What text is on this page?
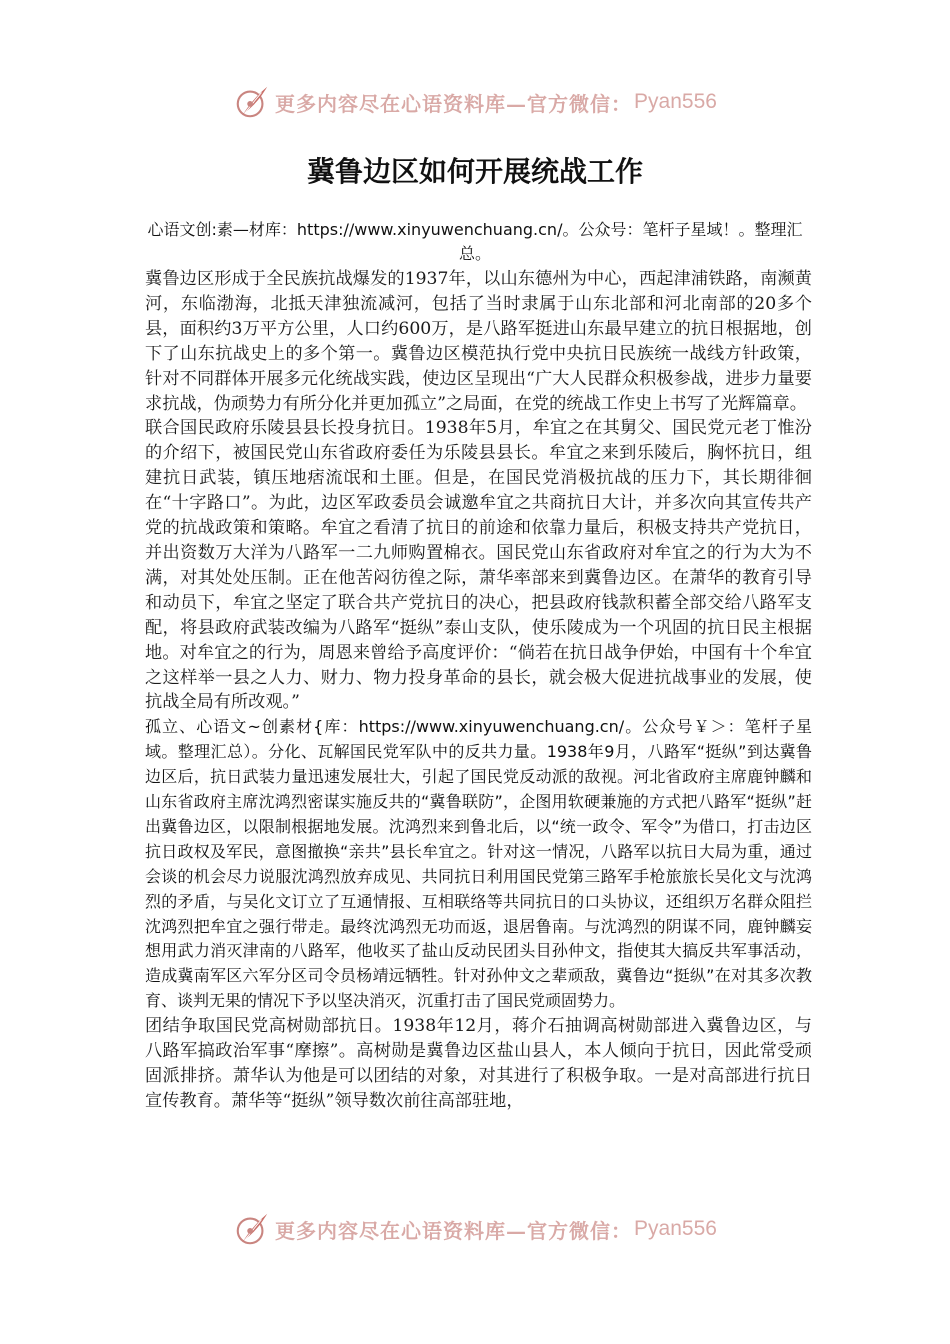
更多内容尽在心语资料库—官方微信： Pyan556
冀鲁边区如何开展统战工作
心语文创:素—材库：https://www.xinyuwenchuang.cn/。公众号：笔杆子星域！。整理汇总。

冀鲁边区形成于全民族抗战爆发的1937年，以山东德州为中心，西起津浦铁路，南濒黄河，东临渤海，北抵天津独流减河，包括了当时隶属于山东北部和河北南部的20多个县，面积约3万平方公里，人口约600万，是八路军挺进山东最早建立的抗日根据地，创下了山东抗战史上的多个第一。冀鲁边区模范执行党中央抗日民族统一战线方针政策，针对不同群体开展多元化统战实践，使边区呈现出“广大人民群众积极参战，进步力量要求抗战，伪顽势力有所分化并更加孤立”之局面，在党的统战工作史上书写了光辉篇章。

联合国民政府乐陵县县长投身抗日。1938年5月，牟宜之在其舅父、国民党元老丁惟汾的介绍下，被国民党山东省政府委任为乐陵县县长。牟宜之来到乐陵后，胸怀抗日，组建抗日武装，镇压地痞流氓和土匪。但是，在国民党消极抗战的压力下，其长期徘徊在“十字路口”。为此，边区军政委员会诚邀牟宜之共商抗日大计，并多次向其宣传共产党的抗战政策和策略。牟宜之看清了抗日的前途和依靠力量后，积极支持共产党抗日，并出资数万大洋为八路军一二九师购置棉衣。国民党山东省政府对牟宜之的行为大为不满，对其处处压制。正在他苦闷彷徨之际，萧华率部来到冀鲁边区。在萧华的教育引导和动员下，牟宜之坚定了联合共产党抗日的决心，把县政府钱款积蓄全部交给八路军支配，将县政府武装改编为八路军“挺纵”泰山支队，使乐陵成为一个巩固的抗日民主根据地。对牟宜之的行为，周恩来曾给予高度评价：“倘若在抗日战争伊始，中国有十个牟宜之这样举一县之人力、财力、物力投身革命的县长，就会极大促进抗战事业的发展，使抗战全局有所改观。”

孤立、心语文~创素材{库：https://www.xinyuwenchuang.cn/。公众号￥＞：笔杆子星域。整理汇总）。分化、瓦解国民党军队中的反共力量。1938年9月，八路军“挺纵”到达冀鲁边区后，抗日武装力量迅速发展壮大，引起了国民党反动派的敌视。河北省政府主席鹿钟麟和山东省政府主席沈鸿烈密谋实施反共的“冀鲁联防”，企图用软硬兼施的方式把八路军“挺纵”赶出冀鲁边区，以限制根据地发展。沈鸿烈来到鲁北后，以“统一政令、军令”为借口，打击边区抗日政权及军民，意图撤换“亲共”县长牟宜之。针对这一情况，八路军以抗日大局为重，通过会谈的机会尽力说服沈鸿烈放弃成见、共同抗日利用国民党第三路军手枪旅旅长吴化文与沈鸿烈的矛盾，与吴化文订立了互通情报、互相联络等共同抗日的口头协议，还组织万名群众阻拦沈鸿烈把牟宜之强行带走。最终沈鸿烈无功而返，退居鲁南。与沈鸿烈的阴谋不同，鹿钟麟妄想用武力消灭津南的八路军，他收买了盐山反动民团头目孙仲文，指使其大搞反共军事活动，造成冀南军区六军分区司令员杨靖远牺牲。针对孙仲文之辈顽敌，冀鲁边“挺纵”在对其多次教育、谈判无果的情况下予以坚决消灭，沉重打击了国民党顽固势力。

团结争取国民党高树勋部抗日。1938年12月，蒋介石抽调高树勋部进入冀鲁边区，与八路军搞政治军事“摩擦”。高树勋是冀鲁边区盐山县人，本人倾向于抗日，因此常受顽固派排挤。萧华认为他是可以团结的对象，对其进行了积极争取。一是对高部进行抗日宣传教育。萧华等“挺纵”领导数次前往高部驻地，

更多内容尽在心语资料库—官方微信： Pyan556
